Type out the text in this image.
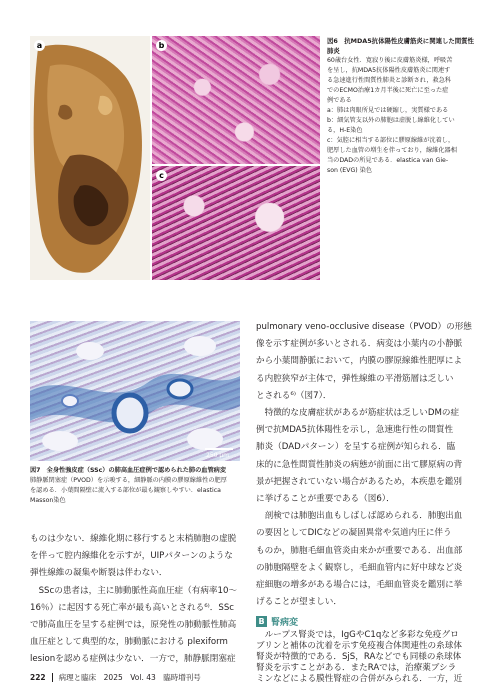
a	b
c
図6　抗MDA5抗体陽性皮膚筋炎に関連した間質性肺炎
60歳台女性．寛寂り後に皮膚筋炎様，呼吸苦
を呈し，抗MDA5抗体陽性皮膚筋炎に関連す
る急速進行性間質性肺炎と診断され，救急科
でのECMO治療1カ月半後に死亡に至った症
例である
a：肺は肉眼所見では硬縮し，実質様である
b：細気管支以外の肺胞は虚脱し線維化してい
る，H-E染色
c：気腔に相当する部位に膠原線維が沈着し，
肥厚した血管の増生を伴っており，線維化器相
当のDADの所見である．elastica van Gie-
son (EVG) 染色
250 μm
図7　全身性強皮症（SSc）の肺高血圧症例で認められた肺の血管病変
肺静脈閉塞症（PVOD）を示唆する，細静脈の内膜の膠原線維性の肥厚
を認める．小葉間隔壁に流入する部位が最も観察しやすい．elastica
Masson染色
ものは少ない．線維化期に移行すると末梢肺胞の虚脱
を伴って腔内線維化を示すが，UIPパターンのような
弾性線維の凝集や断裂は伴わない．
　SScの患者は，主に肺動脈性高血圧症（有病率10〜
16％）に起因する死亡率が最も高いとされる⁶⁾．SSc
で肺高血圧を呈する症例では，原発性の肺動脈性肺高
血圧症として典型的な，肺動脈における plexiform
lesionを認める症例は少ない．一方で，肺静脈閉塞症
pulmonary veno-occlusive disease（PVOD）の形態
像を示す症例が多いとされる．病変は小葉内の小静脈
から小葉間静脈において，内膜の膠原線維性肥厚によ
る内腔狭窄が主体で，弾性線維の平滑筋層は乏しい
とされる⁶⁾（図7）．
　特徴的な皮膚症状があるが筋症状は乏しいDMの症
例で抗MDA5抗体陽性を示し，急速進行性の間質性
肺炎（DADパターン）を呈する症例が知られる．臨
床的に急性間質性肺炎の病態が前面に出て膠原病の背
景が把握されていない場合があるため，本疾患を鑑別
に挙げることが重要である（図6）．
　剖検では肺胞出血もしばしば認められる．肺胞出血
の要因としてDICなどの凝固異常や気道内圧に伴う
ものか，肺胞毛細血管炎由来かが重要である．出血部
の肺胞隔壁をよく観察し，毛細血管内に好中球など炎
症細胞の増多がある場合には，毛細血管炎を鑑別に挙
げることが望ましい．
B 腎病変
　ループス腎炎では，IgGやC1qなど多彩な免疫グロ
ブリンと補体の沈着を示す免疫複合体関連性の糸球体
腎炎が特徴的である．SjS，RAなどでも同様の糸球体
腎炎を示すことがある．またRAでは，治療薬ブシラ
ミンなどによる膜性腎症の合併がみられる．一方，近
222 病理と臨床　2025　Vol. 43　臨時増刊号
